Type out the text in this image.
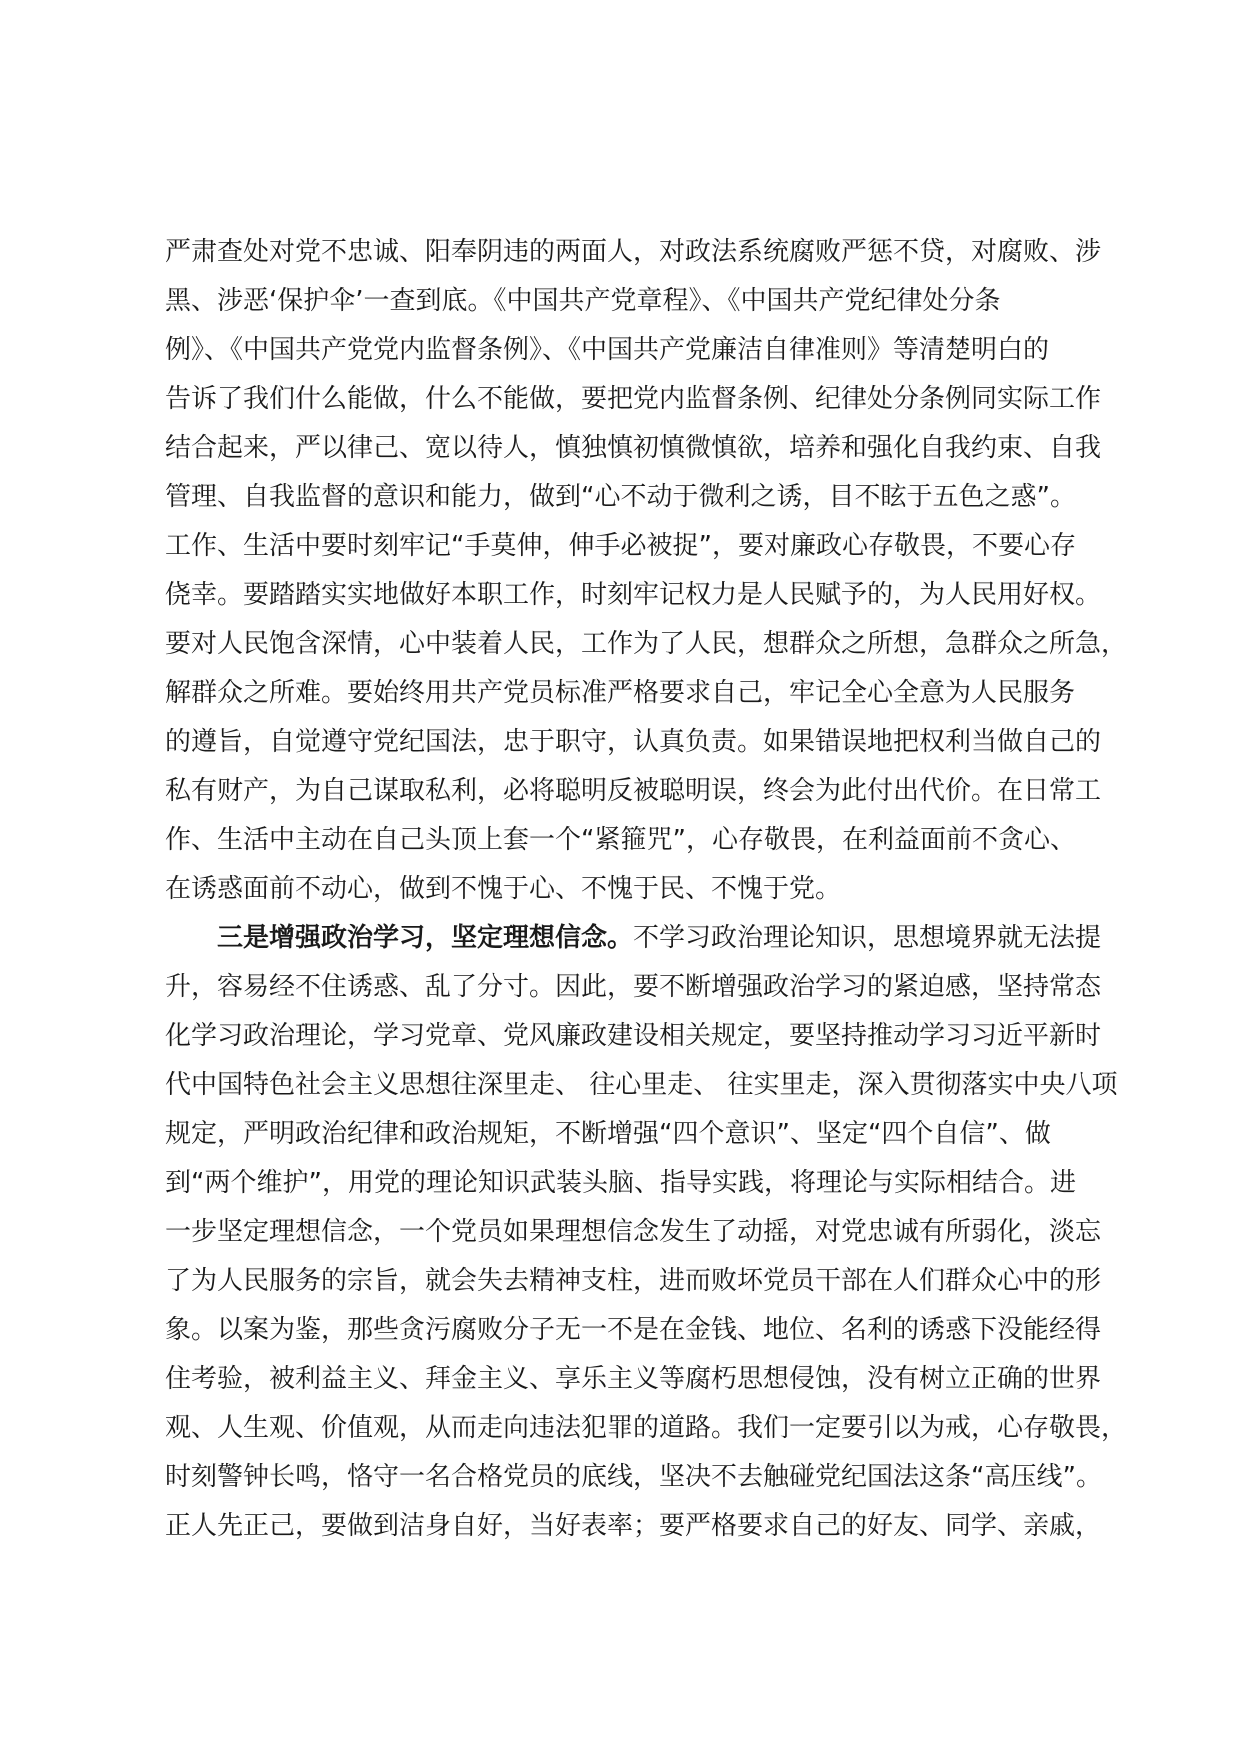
严肃查处对党不忠诚、阳奉阴违的两面人，对政法系统腐败严惩不贷，对腐败、涉
黑、涉恶‘保护伞’一查到底。《中国共产党章程》、《中国共产党纪律处分条
例》、《中国共产党党内监督条例》、《中国共产党廉洁自律准则》等清楚明白的
告诉了我们什么能做，什么不能做，要把党内监督条例、纪律处分条例同实际工作
结合起来，严以律己、宽以待人，慎独慎初慎微慎欲，培养和强化自我约束、自我
管理、自我监督的意识和能力，做到“心不动于微利之诱，目不眩于五色之惑”。
工作、生活中要时刻牢记“手莫伸，伸手必被捉”，要对廉政心存敬畏，不要心存
侥幸。要踏踏实实地做好本职工作，时刻牢记权力是人民赋予的，为人民用好权。
要对人民饱含深情，心中装着人民，工作为了人民，想群众之所想，急群众之所急，
解群众之所难。要始终用共产党员标准严格要求自己，牢记全心全意为人民服务
的遵旨，自觉遵守党纪国法，忠于职守，认真负责。如果错误地把权利当做自己的
私有财产，为自己谋取私利，必将聪明反被聪明误，终会为此付出代价。在日常工
作、生活中主动在自己头顶上套一个“紧箍咒”，心存敬畏，在利益面前不贪心、
在诱惑面前不动心，做到不愧于心、不愧于民、不愧于党。
三是增强政治学习，坚定理想信念。不学习政治理论知识，思想境界就无法提
升，容易经不住诱惑、乱了分寸。因此，要不断增强政治学习的紧迫感，坚持常态
化学习政治理论，学习党章、党风廉政建设相关规定，要坚持推动学习习近平新时
代中国特色社会主义思想往深里走、 往心里走、 往实里走，深入贯彻落实中央八项
规定，严明政治纪律和政治规矩，不断增强“四个意识”、坚定“四个自信”、做
到“两个维护”，用党的理论知识武装头脑、指导实践，将理论与实际相结合。进
一步坚定理想信念，一个党员如果理想信念发生了动摇，对党忠诚有所弱化，淡忘
了为人民服务的宗旨，就会失去精神支柱，进而败坏党员干部在人们群众心中的形
象。以案为鉴，那些贪污腐败分子无一不是在金钱、地位、名利的诱惑下没能经得
住考验，被利益主义、拜金主义、享乐主义等腐朽思想侵蚀，没有树立正确的世界
观、人生观、价值观，从而走向违法犯罪的道路。我们一定要引以为戒，心存敬畏，
时刻警钟长鸣，恪守一名合格党员的底线，坚决不去触碰党纪国法这条“高压线”。
正人先正己，要做到洁身自好，当好表率；要严格要求自己的好友、同学、亲戚，
